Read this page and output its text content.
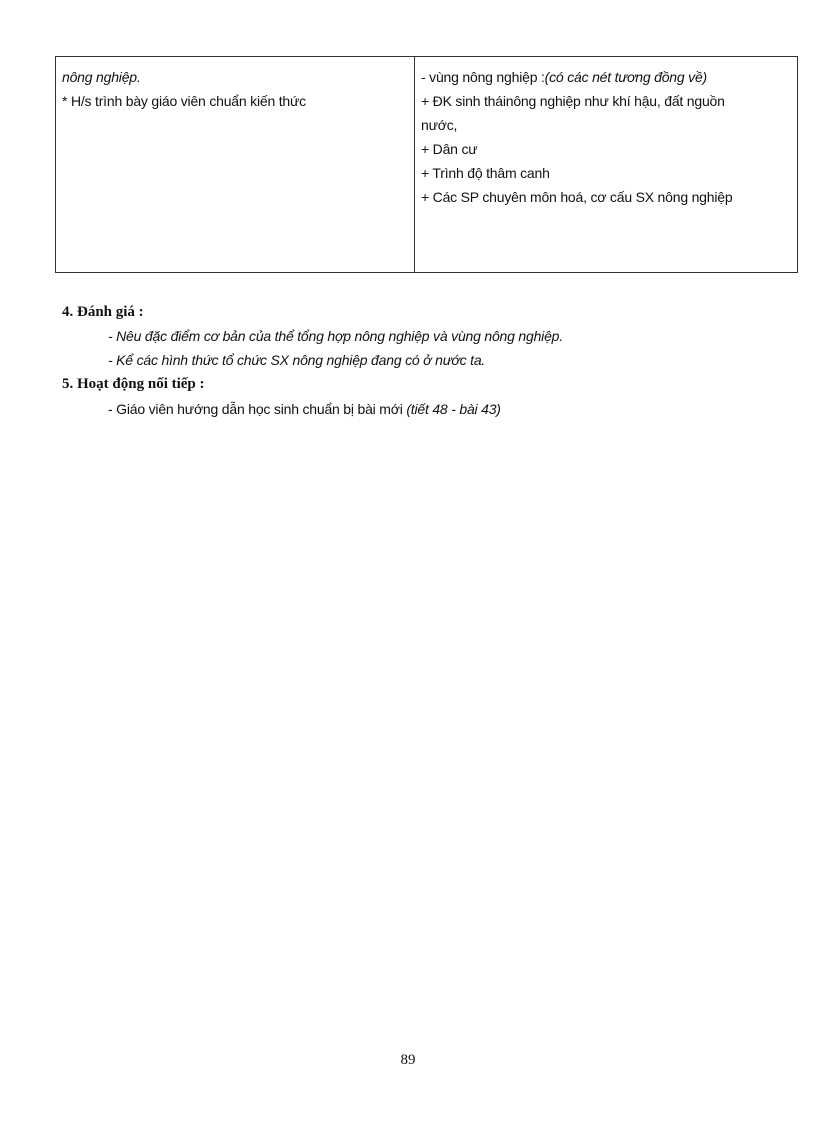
nông nghiệp.
* H/s trình bày giáo viên chuẩn kiến thức
- vùng nông nghiệp :(có các nét tương đồng về)
+ ĐK sinh tháinông nghiệp như khí hậu, đất nguồn
nước,
+ Dân cư
+ Trình độ thâm canh
+ Các SP chuyên môn hoá, cơ cấu SX nông nghiệp
4. Đánh giá :
- Nêu đặc điểm cơ bản của thể tổng hợp nông nghiệp và vùng nông nghiệp.
- Kể các hình thức tổ chức SX nông nghiệp đang có ở nước ta.
5. Hoạt động nối tiếp :
- Giáo viên hướng dẫn học sinh chuẩn bị bài mới (tiết 48 - bài 43)
89
